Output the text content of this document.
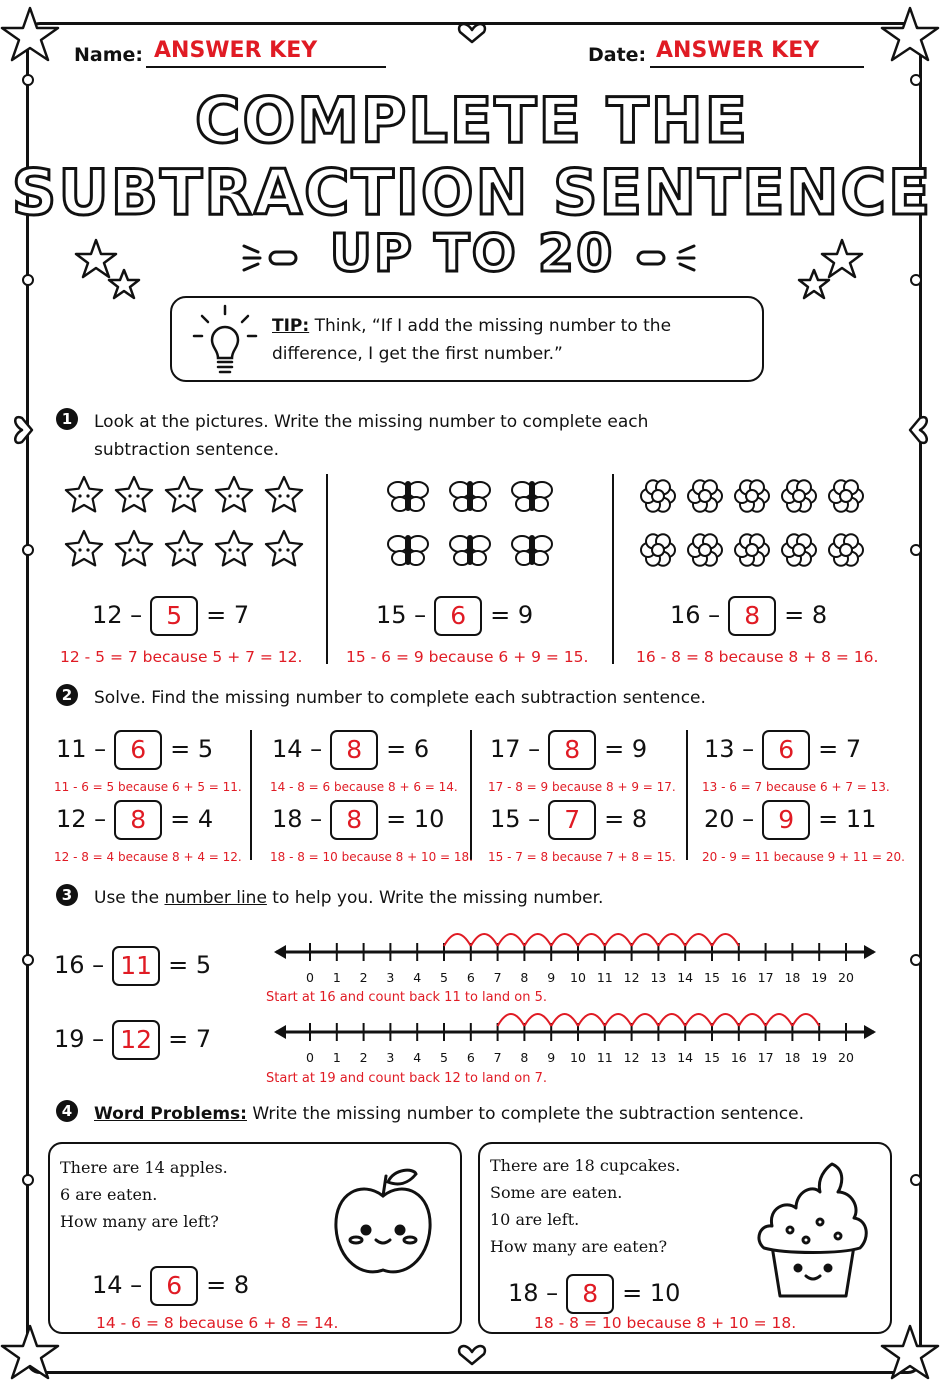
Name: ANSWER KEY	Date: ANSWER KEY
COMPLETE THE
SUBTRACTION SENTENCE
UP TO 20
TIP: Think, “If I add the missing number to the
difference, I get the first number.”
1	Look at the pictures. Write the missing number to complete each
subtraction sentence.
12 – 5 = 7
12 - 5 = 7 because 5 + 7 = 12.
15 – 6 = 9
15 - 6 = 9 because 6 + 9 = 15.
16 – 8 = 8
16 - 8 = 8 because 8 + 8 = 16.
2	Solve. Find the missing number to complete each subtraction sentence.
11 – 6 = 5
11 - 6 = 5 because 6 + 5 = 11.
14 – 8 = 6
14 - 8 = 6 because 8 + 6 = 14.
17 – 8 = 9
17 - 8 = 9 because 8 + 9 = 17.
13 – 6 = 7
13 - 6 = 7 because 6 + 7 = 13.
12 – 8 = 4
12 - 8 = 4 because 8 + 4 = 12.
18 – 8 = 10
18 - 8 = 10 because 8 + 10 = 18.
15 – 7 = 8
15 - 7 = 8 because 7 + 8 = 15.
20 – 9 = 11
20 - 9 = 11 because 9 + 11 = 20.
3	Use the number line to help you. Write the missing number.
16 – 11 = 5
19 – 12 = 7
0 1 2 3 4 5 6 7 8 9 10 11 12 13 14 15 16 17 18 19 20
Start at 16 and count back 11 to land on 5.
0 1 2 3 4 5 6 7 8 9 10 11 12 13 14 15 16 17 18 19 20
Start at 19 and count back 12 to land on 7.
4	Word Problems: Write the missing number to complete the subtraction sentence.
There are 14 apples.
6 are eaten.
How many are left?
14 – 6 = 8
14 - 6 = 8 because 6 + 8 = 14.
There are 18 cupcakes.
Some are eaten.
10 are left.
How many are eaten?
18 – 8 = 10
18 - 8 = 10 because 8 + 10 = 18.
